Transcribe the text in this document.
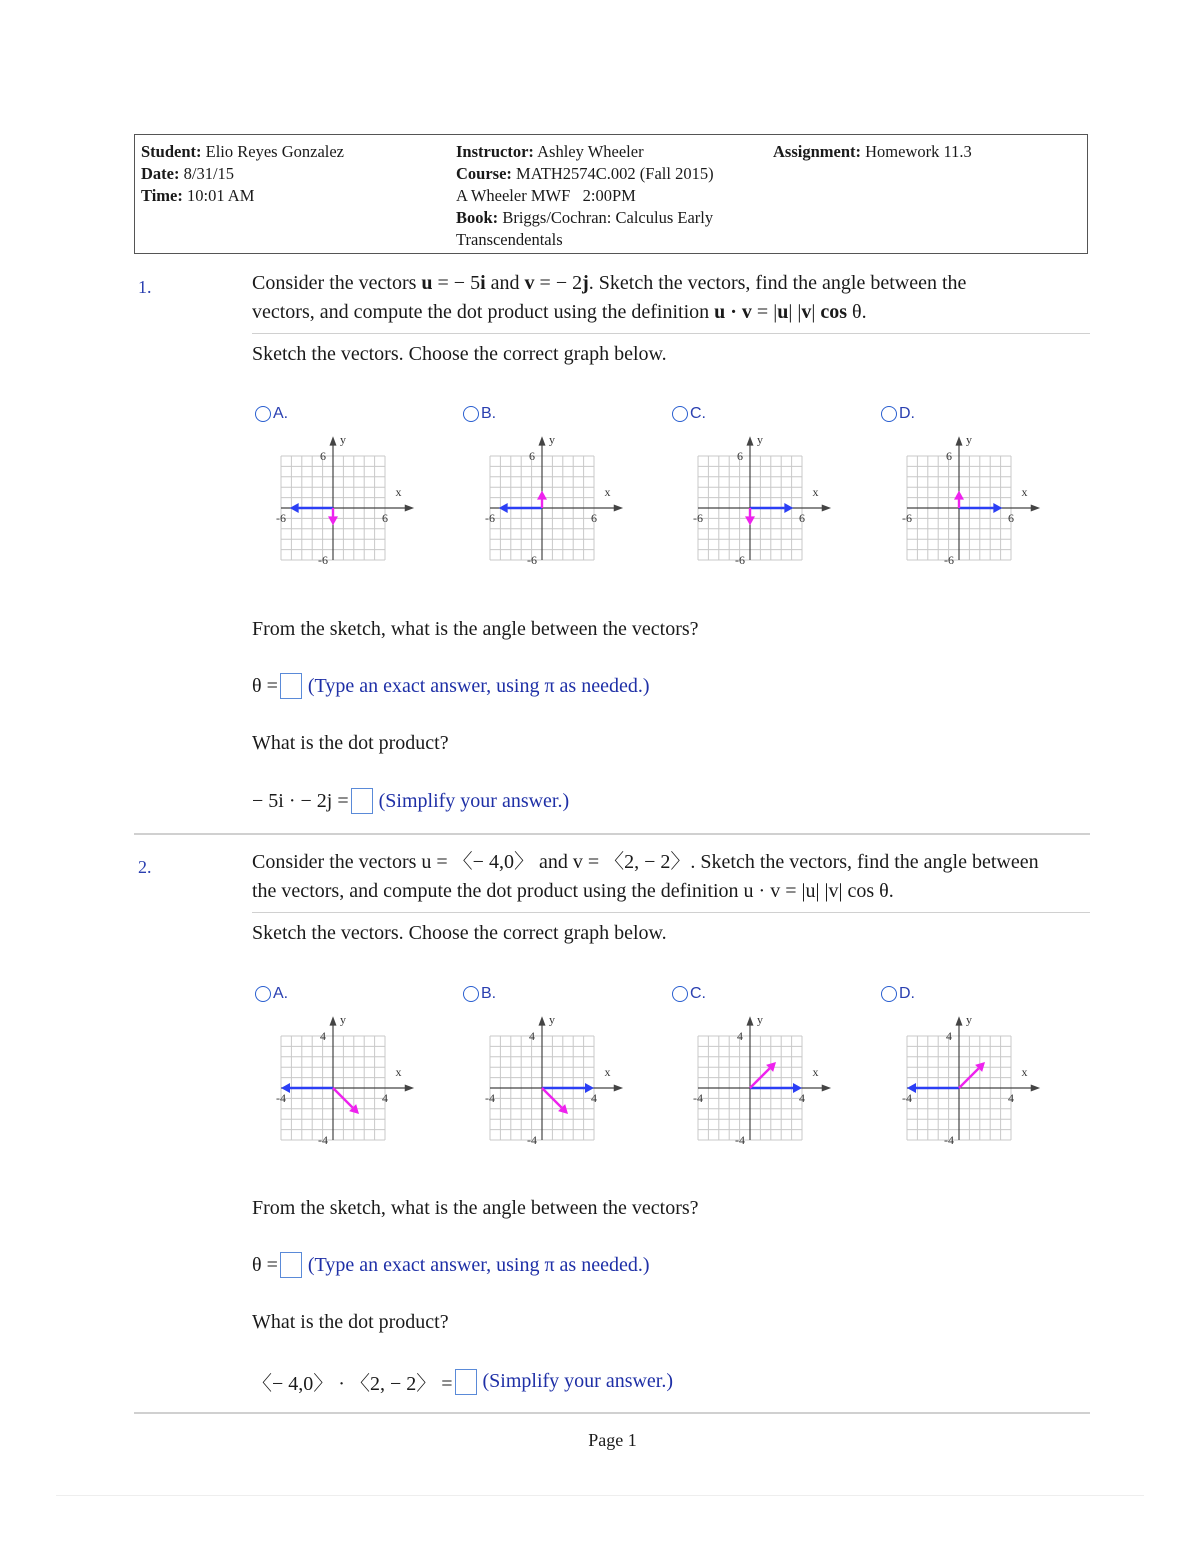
Student: Elio Reyes Gonzalez
Date: 8/31/15
Time: 10:01 AM
Instructor: Ashley Wheeler
Course: MATH2574C.002 (Fall 2015)
A Wheeler MWF   2:00PM
Book: Briggs/Cochran: Calculus Early
Transcendentals
Assignment: Homework 11.3
1.	Consider the vectors u = − 5i and v = − 2j. Sketch the vectors, find the angle between the
vectors, and compute the dot product using the definition u · v = |u| |v| cos θ.
Sketch the vectors. Choose the correct graph below.
A.	B.	C.	D.
6
-6
6
-6
x
y
6
-6
6
-6
x
y
6
-6
6
-6
x
y
6
-6
6
-6
x
y
From the sketch, what is the angle between the vectors?
θ = (Type an exact answer, using π as needed.)
What is the dot product?
− 5i · − 2j = (Simplify your answer.)
2.	Consider the vectors u = 〈− 4,0〉 and v = 〈2, − 2〉. Sketch the vectors, find the angle between
the vectors, and compute the dot product using the definition u · v = |u| |v| cos θ.
Sketch the vectors. Choose the correct graph below.
A.	B.	C.	D.
4
-4
4
-4
x
y
4
-4
4
-4
x
y
4
-4
4
-4
x
y
4
-4
4
-4
x
y
From the sketch, what is the angle between the vectors?
θ = (Type an exact answer, using π as needed.)
What is the dot product?
〈− 4,0〉 · 〈2, − 2〉 = (Simplify your answer.)
Page 1
